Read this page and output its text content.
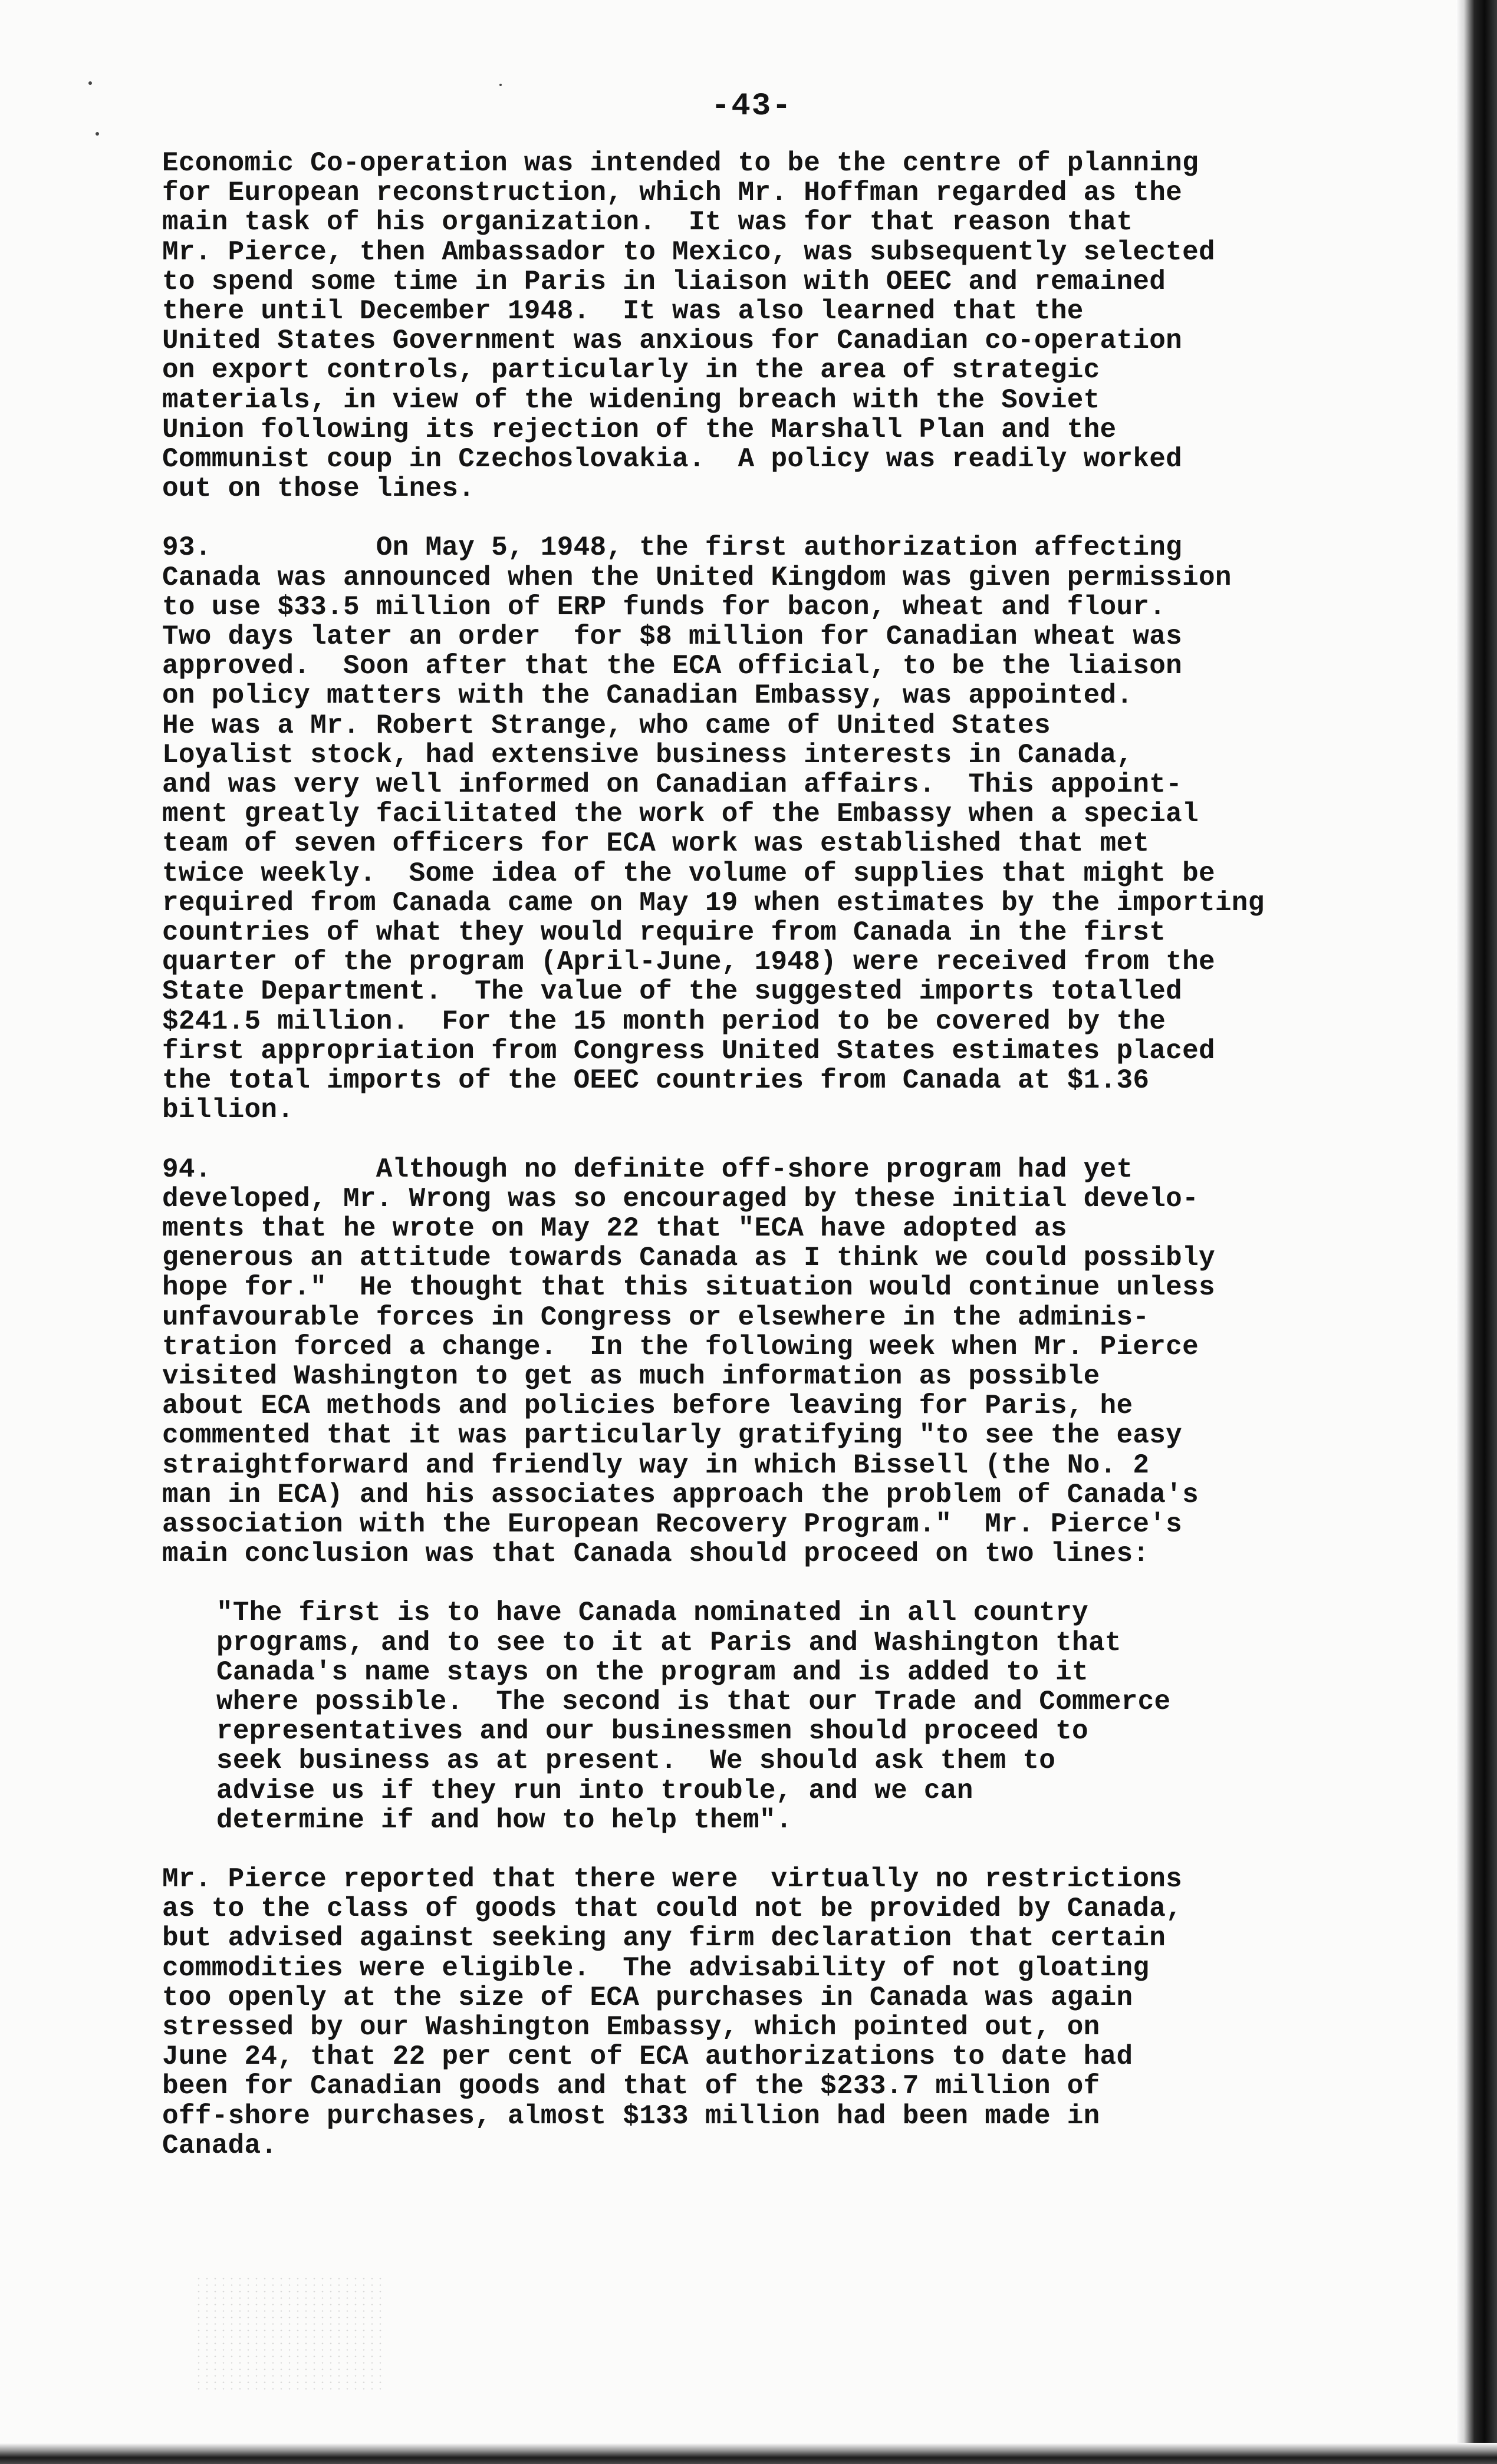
-43-
Economic Co-operation was intended to be the centre of planning
for European reconstruction, which Mr. Hoffman regarded as the
main task of his organization.  It was for that reason that
Mr. Pierce, then Ambassador to Mexico, was subsequently selected
to spend some time in Paris in liaison with OEEC and remained
there until December 1948.  It was also learned that the
United States Government was anxious for Canadian co-operation
on export controls, particularly in the area of strategic
materials, in view of the widening breach with the Soviet
Union following its rejection of the Marshall Plan and the
Communist coup in Czechoslovakia.  A policy was readily worked
out on those lines.
93.          On May 5, 1948, the first authorization affecting
Canada was announced when the United Kingdom was given permission
to use $33.5 million of ERP funds for bacon, wheat and flour.
Two days later an order  for $8 million for Canadian wheat was
approved.  Soon after that the ECA official, to be the liaison
on policy matters with the Canadian Embassy, was appointed.
He was a Mr. Robert Strange, who came of United States
Loyalist stock, had extensive business interests in Canada,
and was very well informed on Canadian affairs.  This appoint-
ment greatly facilitated the work of the Embassy when a special
team of seven officers for ECA work was established that met
twice weekly.  Some idea of the volume of supplies that might be
required from Canada came on May 19 when estimates by the importing
countries of what they would require from Canada in the first
quarter of the program (April-June, 1948) were received from the
State Department.  The value of the suggested imports totalled
$241.5 million.  For the 15 month period to be covered by the
first appropriation from Congress United States estimates placed
the total imports of the OEEC countries from Canada at $1.36
billion.
94.          Although no definite off-shore program had yet
developed, Mr. Wrong was so encouraged by these initial develo-
ments that he wrote on May 22 that "ECA have adopted as
generous an attitude towards Canada as I think we could possibly
hope for."  He thought that this situation would continue unless
unfavourable forces in Congress or elsewhere in the adminis-
tration forced a change.  In the following week when Mr. Pierce
visited Washington to get as much information as possible
about ECA methods and policies before leaving for Paris, he
commented that it was particularly gratifying "to see the easy
straightforward and friendly way in which Bissell (the No. 2
man in ECA) and his associates approach the problem of Canada's
association with the European Recovery Program."  Mr. Pierce's
main conclusion was that Canada should proceed on two lines:
"The first is to have Canada nominated in all country
programs, and to see to it at Paris and Washington that
Canada's name stays on the program and is added to it
where possible.  The second is that our Trade and Commerce
representatives and our businessmen should proceed to
seek business as at present.  We should ask them to
advise us if they run into trouble, and we can
determine if and how to help them".
Mr. Pierce reported that there were  virtually no restrictions
as to the class of goods that could not be provided by Canada,
but advised against seeking any firm declaration that certain
commodities were eligible.  The advisability of not gloating
too openly at the size of ECA purchases in Canada was again
stressed by our Washington Embassy, which pointed out, on
June 24, that 22 per cent of ECA authorizations to date had
been for Canadian goods and that of the $233.7 million of
off-shore purchases, almost $133 million had been made in
Canada.
